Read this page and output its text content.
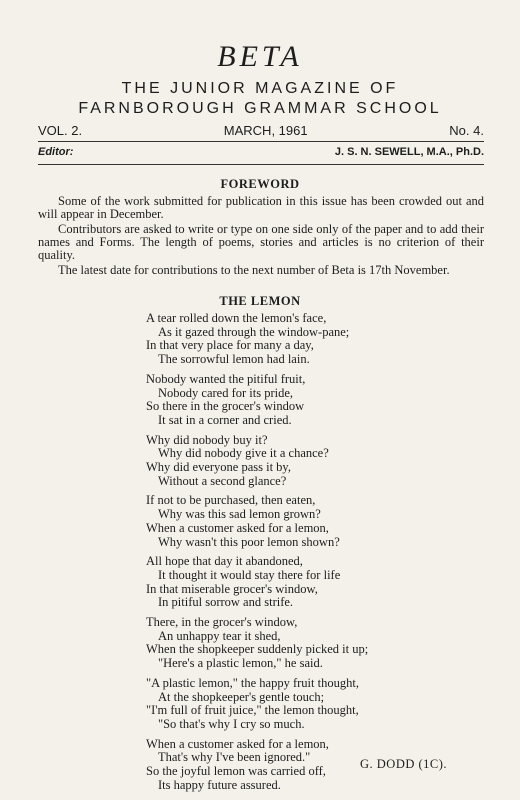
BETA
THE JUNIOR MAGAZINE OF
FARNBOROUGH GRAMMAR SCHOOL
VOL. 2.	MARCH, 1961	No. 4.
Editor:	J. S. N. SEWELL, M.A., Ph.D.
FOREWORD

Some of the work submitted for publication in this issue has been crowded out and will appear in December.

Contributors are asked to write or type on one side only of the paper and to add their names and Forms. The length of poems, stories and articles is no criterion of their quality.

The latest date for contributions to the next number of Beta is 17th November.

THE LEMON
A tear rolled down the lemon's face,
As it gazed through the window-pane;
In that very place for many a day,
The sorrowful lemon had lain.
Nobody wanted the pitiful fruit,
Nobody cared for its pride,
So there in the grocer's window
It sat in a corner and cried.
Why did nobody buy it?
Why did nobody give it a chance?
Why did everyone pass it by,
Without a second glance?
If not to be purchased, then eaten,
Why was this sad lemon grown?
When a customer asked for a lemon,
Why wasn't this poor lemon shown?
All hope that day it abandoned,
It thought it would stay there for life
In that miserable grocer's window,
In pitiful sorrow and strife.
There, in the grocer's window,
An unhappy tear it shed,
When the shopkeeper suddenly picked it up;
"Here's a plastic lemon," he said.
"A plastic lemon," the happy fruit thought,
At the shopkeeper's gentle touch;
"I'm full of fruit juice," the lemon thought,
"So that's why I cry so much.
When a customer asked for a lemon,
That's why I've been ignored."
So the joyful lemon was carried off,
Its happy future assured.
G. DODD (1C).
